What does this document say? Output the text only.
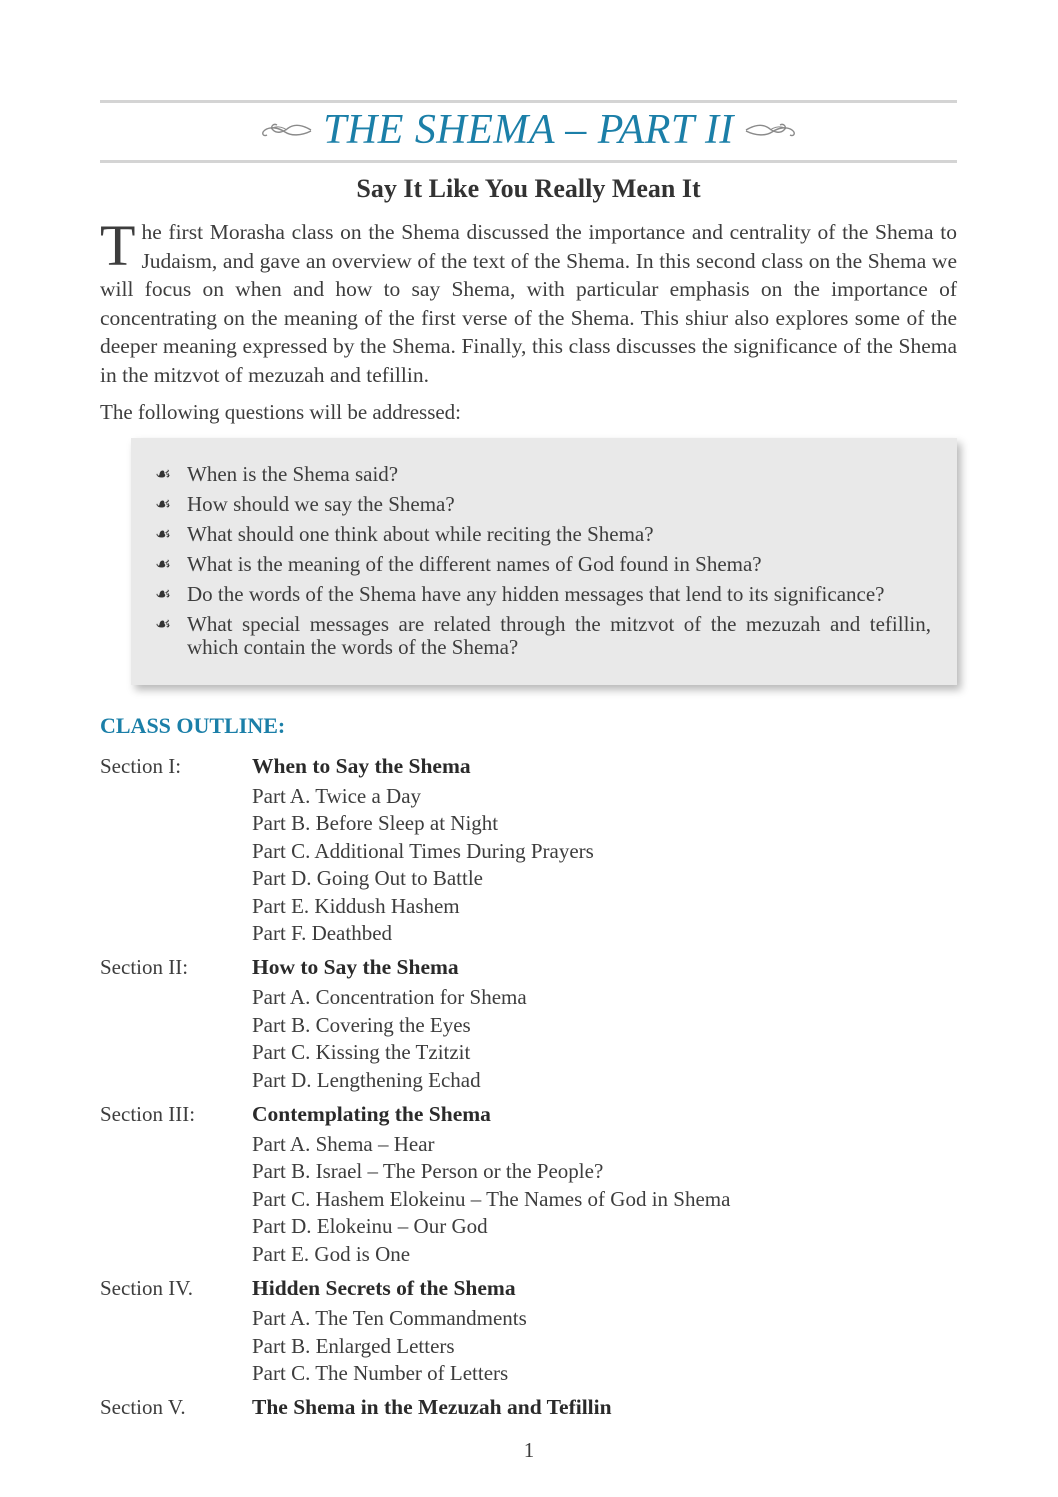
THE SHEMA – PART II
Say It Like You Really Mean It
The first Morasha class on the Shema discussed the importance and centrality of the Shema to Judaism, and gave an overview of the text of the Shema. In this second class on the Shema we will focus on when and how to say Shema, with particular emphasis on the importance of concentrating on the meaning of the first verse of the Shema. This shiur also explores some of the deeper meaning expressed by the Shema. Finally, this class discusses the significance of the Shema in the mitzvot of mezuzah and tefillin.
The following questions will be addressed:
☙ When is the Shema said?
☙ How should we say the Shema?
☙ What should one think about while reciting the Shema?
☙ What is the meaning of the different names of God found in Shema?
☙ Do the words of the Shema have any hidden messages that lend to its significance?
☙ What special messages are related through the mitzvot of the mezuzah and tefillin, which contain the words of the Shema?
CLASS OUTLINE:
Section I:	When to Say the Shema
Part A. Twice a Day
Part B. Before Sleep at Night
Part C. Additional Times During Prayers
Part D. Going Out to Battle
Part E. Kiddush Hashem
Part F. Deathbed
Section II:	How to Say the Shema
Part A. Concentration for Shema
Part B. Covering the Eyes
Part C. Kissing the Tzitzit
Part D. Lengthening Echad
Section III:	Contemplating the Shema
Part A. Shema – Hear
Part B. Israel – The Person or the People?
Part C. Hashem Elokeinu – The Names of God in Shema
Part D. Elokeinu – Our God
Part E. God is One
Section IV.	Hidden Secrets of the Shema
Part A. The Ten Commandments
Part B. Enlarged Letters
Part C. The Number of Letters
Section V.	The Shema in the Mezuzah and Tefillin
1
